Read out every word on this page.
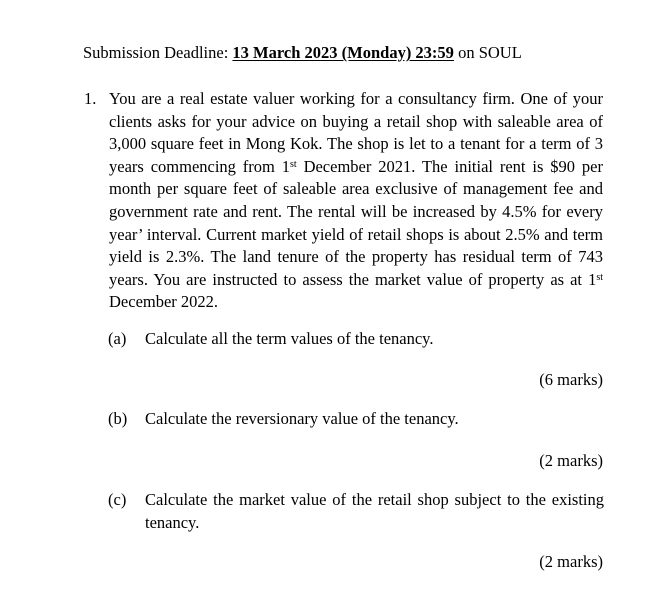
Submission Deadline: 13 March 2023 (Monday) 23:59 on SOUL
1. You are a real estate valuer working for a consultancy firm. One of your clients asks for your advice on buying a retail shop with saleable area of 3,000 square feet in Mong Kok. The shop is let to a tenant for a term of 3 years commencing from 1st December 2021. The initial rent is $90 per month per square feet of saleable area exclusive of management fee and government rate and rent. The rental will be increased by 4.5% for every year’ interval. Current market yield of retail shops is about 2.5% and term yield is 2.3%. The land tenure of the property has residual term of 743 years. You are instructed to assess the market value of property as at 1st December 2022.

(a) Calculate all the term values of the tenancy.
(6 marks)
(b) Calculate the reversionary value of the tenancy.
(2 marks)
(c) Calculate the market value of the retail shop subject to the existing tenancy.
(2 marks)
